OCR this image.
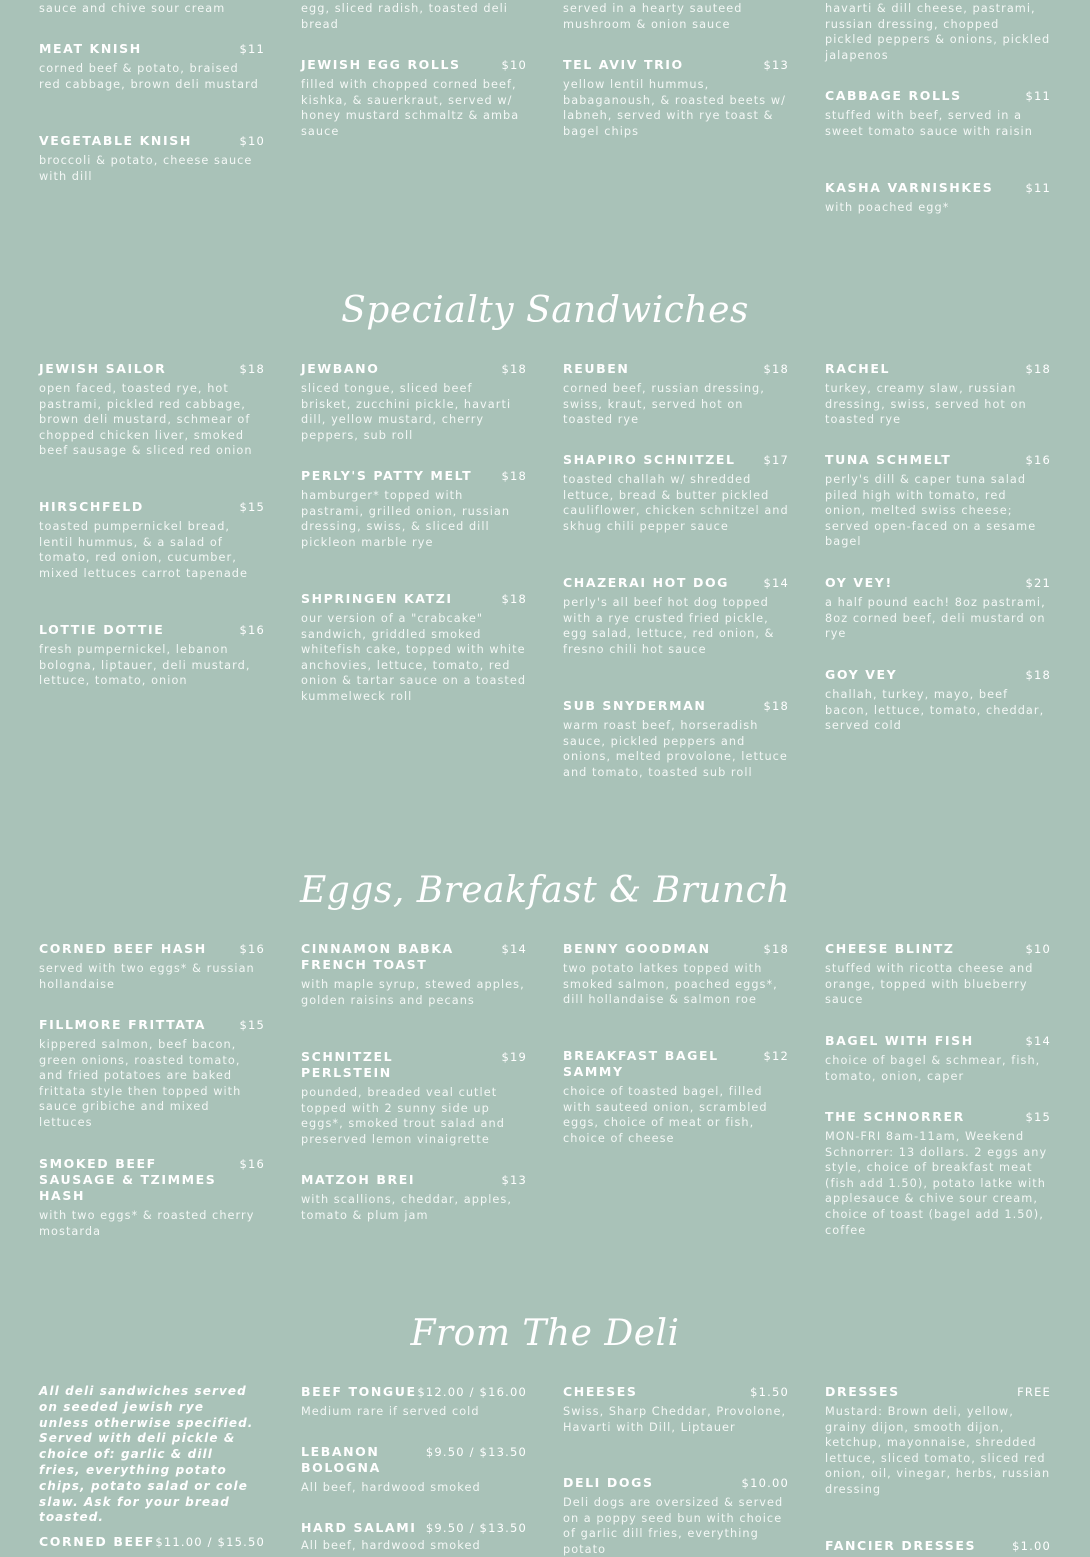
sauce and chive sour cream
MEAT KNISH	$11
corned beef & potato, braised red cabbage, brown deli mustard
VEGETABLE KNISH	$10
broccoli & potato, cheese sauce with dill
egg, sliced radish, toasted deli bread
JEWISH EGG ROLLS	$10
filled with chopped corned beef, kishka, & sauerkraut, served w/ honey mustard schmaltz & amba sauce
served in a hearty sauteed mushroom & onion sauce
TEL AVIV TRIO	$13
yellow lentil hummus, babaganoush, & roasted beets w/ labneh, served with rye toast & bagel chips
havarti & dill cheese, pastrami, russian dressing, chopped pickled peppers & onions, pickled jalapenos
CABBAGE ROLLS	$11
stuffed with beef, served in a sweet tomato sauce with raisin
KASHA VARNISHKES	$11
with poached egg*
Specialty Sandwiches
JEWISH SAILOR	$18
open faced, toasted rye, hot pastrami, pickled red cabbage, brown deli mustard, schmear of chopped chicken liver, smoked beef sausage & sliced red onion
HIRSCHFELD	$15
toasted pumpernickel bread, lentil hummus, & a salad of tomato, red onion, cucumber, mixed lettuces carrot tapenade
LOTTIE DOTTIE	$16
fresh pumpernickel, lebanon bologna, liptauer, deli mustard, lettuce, tomato, onion
JEWBANO	$18
sliced tongue, sliced beef brisket, zucchini pickle, havarti dill, yellow mustard, cherry peppers, sub roll
PERLY'S PATTY MELT	$18
hamburger* topped with pastrami, grilled onion, russian dressing, swiss, & sliced dill pickleon marble rye
SHPRINGEN KATZI	$18
our version of a "crabcake" sandwich, griddled smoked whitefish cake, topped with white anchovies, lettuce, tomato, red onion & tartar sauce on a toasted kummelweck roll
REUBEN	$18
corned beef, russian dressing, swiss, kraut, served hot on toasted rye
SHAPIRO SCHNITZEL	$17
toasted challah w/ shredded lettuce, bread & butter pickled cauliflower, chicken schnitzel and skhug chili pepper sauce
CHAZERAI HOT DOG	$14
perly's all beef hot dog topped with a rye crusted fried pickle, egg salad, lettuce, red onion, & fresno chili hot sauce
SUB SNYDERMAN	$18
warm roast beef, horseradish sauce, pickled peppers and onions, melted provolone, lettuce and tomato, toasted sub roll
RACHEL	$18
turkey, creamy slaw, russian dressing, swiss, served hot on toasted rye
TUNA SCHMELT	$16
perly's dill & caper tuna salad piled high with tomato, red onion, melted swiss cheese; served open-faced on a sesame bagel
OY VEY!	$21
a half pound each! 8oz pastrami, 8oz corned beef, deli mustard on rye
GOY VEY	$18
challah, turkey, mayo, beef bacon, lettuce, tomato, cheddar, served cold
Eggs, Breakfast & Brunch
CORNED BEEF HASH	$16
served with two eggs* & russian hollandaise
FILLMORE FRITTATA	$15
kippered salmon, beef bacon, green onions, roasted tomato, and fried potatoes are baked frittata style then topped with sauce gribiche and mixed lettuces
SMOKED BEEF SAUSAGE & TZIMMES HASH
$16
with two eggs* & roasted cherry mostarda
CINNAMON BABKA FRENCH TOAST
$14
with maple syrup, stewed apples, golden raisins and pecans
SCHNITZEL PERLSTEIN
$19
pounded, breaded veal cutlet topped with 2 sunny side up eggs*, smoked trout salad and preserved lemon vinaigrette
MATZOH BREI	$13
with scallions, cheddar, apples, tomato & plum jam
BENNY GOODMAN	$18
two potato latkes topped with smoked salmon, poached eggs*, dill hollandaise & salmon roe
BREAKFAST BAGEL SAMMY
$12
choice of toasted bagel, filled with sauteed onion, scrambled eggs, choice of meat or fish, choice of cheese
CHEESE BLINTZ	$10
stuffed with ricotta cheese and orange, topped with blueberry sauce
BAGEL WITH FISH	$14
choice of bagel & schmear, fish, tomato, onion, caper
THE SCHNORRER	$15
MON-FRI 8am-11am, Weekend Schnorrer: 13 dollars. 2 eggs any style, choice of breakfast meat (fish add 1.50), potato latke with applesauce & chive sour cream, choice of toast (bagel add 1.50), coffee
From The Deli
All deli sandwiches served on seeded jewish rye unless otherwise specified. Served with deli pickle & choice of: garlic & dill fries, everything potato chips, potato salad or cole slaw. Ask for your bread toasted.
CORNED BEEF $11.00 / $15.50
BEEF TONGUE $12.00 / $16.00
Medium rare if served cold
LEBANON BOLOGNA
$9.50 / $13.50
All beef, hardwood smoked
HARD SALAMI $9.50 / $13.50
All beef, hardwood smoked
CHEESES	$1.50
Swiss, Sharp Cheddar, Provolone, Havarti with Dill, Liptauer
DELI DOGS	$10.00
Deli dogs are oversized & served on a poppy seed bun with choice of garlic dill fries, everything potato
DRESSES	FREE
Mustard: Brown deli, yellow, grainy dijon, smooth dijon, ketchup, mayonnaise, shredded lettuce, sliced tomato, sliced red onion, oil, vinegar, herbs, russian dressing
FANCIER DRESSES	$1.00
